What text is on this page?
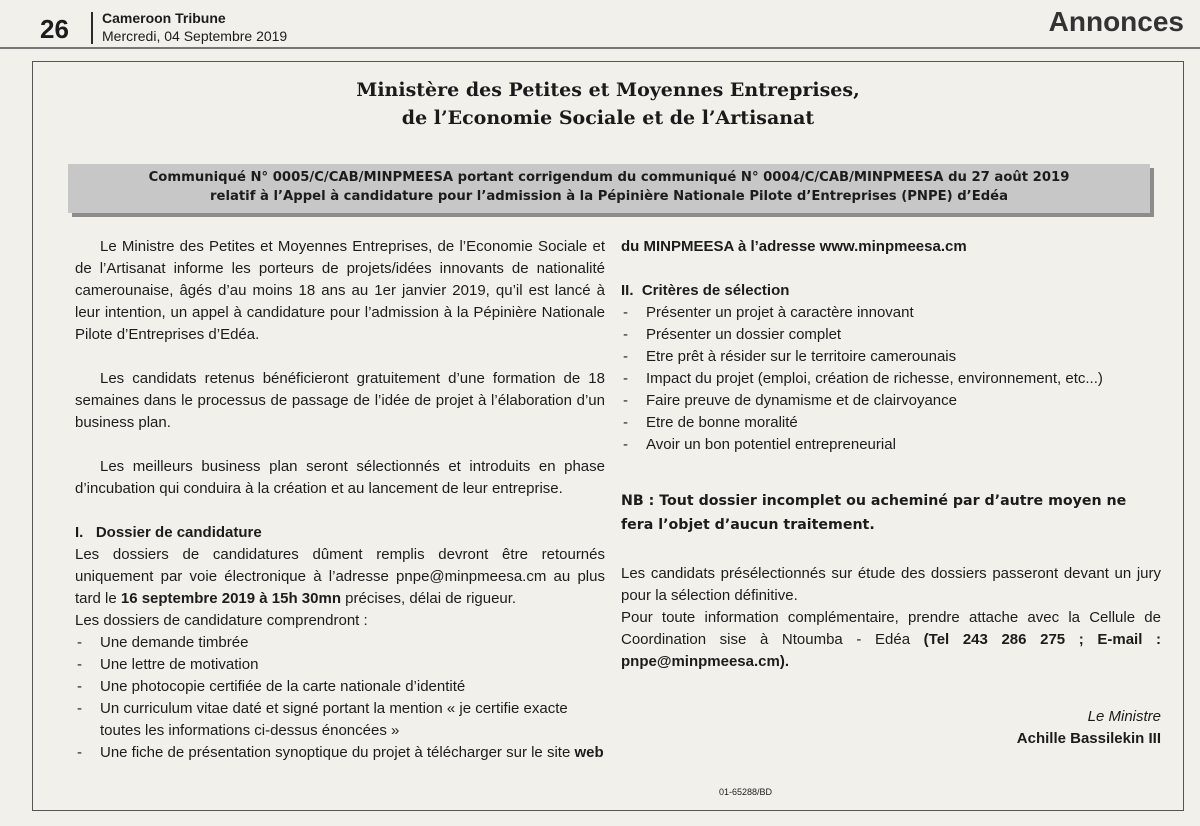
26 Cameroon Tribune
Mercredi, 04 Septembre 2019	Annonces
Ministère des Petites et Moyennes Entreprises,
de l’Economie Sociale et de l’Artisanat
Communiqué N° 0005/C/CAB/MINPMEESA portant corrigendum du communiqué N° 0004/C/CAB/MINPMEESA du 27 août 2019
relatif à l’Appel à candidature pour l’admission à la Pépinière Nationale Pilote d’Entreprises (PNPE) d’Edéa

Le Ministre des Petites et Moyennes Entreprises, de l’Economie Sociale et de l’Artisanat informe les porteurs de projets/idées innovants de nationalité camerounaise, âgés d’au moins 18 ans au 1er janvier 2019, qu’il est lancé à leur intention, un appel à candidature pour l’admission à la Pépinière Nationale Pilote d’Entreprises d’Edéa.

Les candidats retenus bénéficieront gratuitement d’une formation de 18 semaines dans le processus de passage de l’idée de projet à l’élaboration d’un business plan.

Les meilleurs business plan seront sélectionnés et introduits en phase d’incubation qui conduira à la création et au lancement de leur entreprise.

I.   Dossier de candidature

Les dossiers de candidatures dûment remplis devront être retournés uniquement par voie électronique à l’adresse pnpe@minpmeesa.cm au plus tard le 16 septembre 2019 à 15h 30mn précises, délai de rigueur.

Les dossiers de candidature comprendront :

- Une demande timbrée
- Une lettre de motivation
- Une photocopie certifiée de la carte nationale d’identité
- Un curriculum vitae daté et signé portant la mention « je certifie exacte toutes les informations ci-dessus énoncées »
- Une fiche de présentation synoptique du projet à télécharger sur le site web

du MINPMEESA à l’adresse www.minpmeesa.cm

II.  Critères de sélection

- Présenter un projet à caractère innovant
- Présenter un dossier complet
- Etre prêt à résider sur le territoire camerounais
- Impact du projet (emploi, création de richesse, environnement, etc...)
- Faire preuve de dynamisme et de clairvoyance
- Etre de bonne moralité
- Avoir un bon potentiel entrepreneurial

NB : Tout dossier incomplet ou acheminé par d’autre moyen ne fera l’objet d’aucun traitement.

Les candidats présélectionnés sur étude des dossiers passeront devant un jury pour la sélection définitive.

Pour toute information complémentaire, prendre attache avec la Cellule de Coordination sise à Ntoumba - Edéa (Tel 243 286 275 ; E-mail : pnpe@minpmeesa.cm).

Le Ministre

Achille Bassilekin III

01-65288/BD
